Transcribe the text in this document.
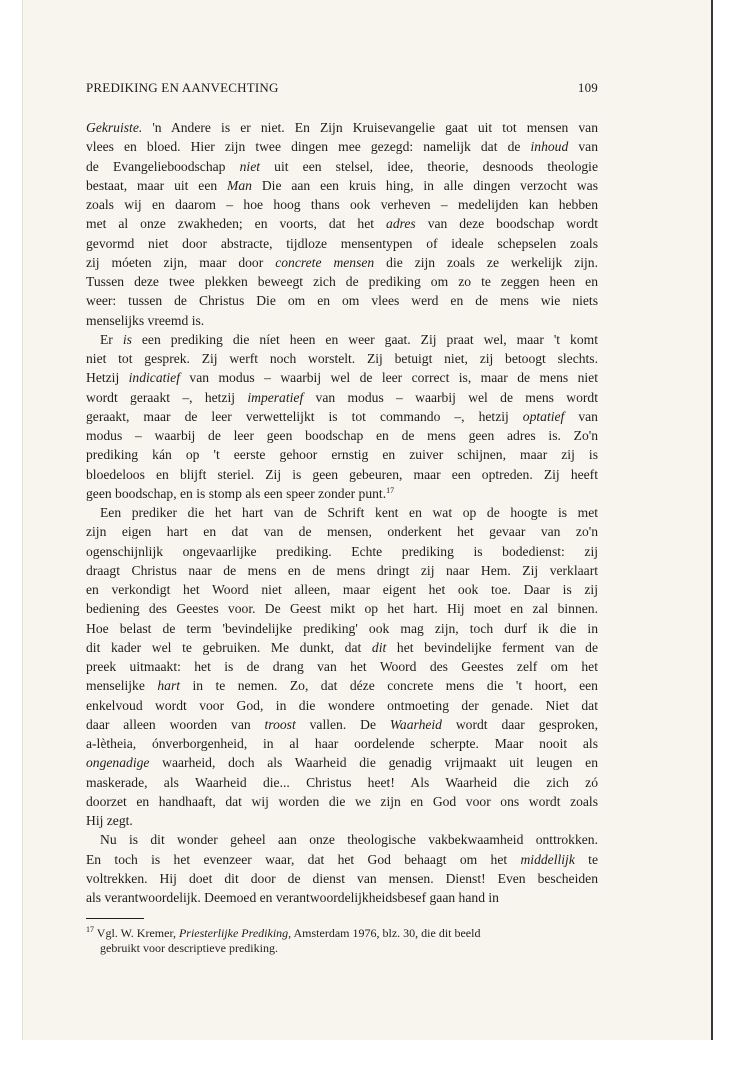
PREDIKING EN AANVECHTING	109
Gekruiste. 'n Andere is er niet. En Zijn Kruisevangelie gaat uit tot mensen van
vlees en bloed. Hier zijn twee dingen mee gezegd: namelijk dat de inhoud van
de Evangelieboodschap niet uit een stelsel, idee, theorie, desnoods theologie
bestaat, maar uit een Man Die aan een kruis hing, in alle dingen verzocht was
zoals wij en daarom – hoe hoog thans ook verheven – medelijden kan hebben
met al onze zwakheden; en voorts, dat het adres van deze boodschap wordt
gevormd niet door abstracte, tijdloze mensentypen of ideale schepselen zoals
zij móeten zijn, maar door concrete mensen die zijn zoals ze werkelijk zijn.
Tussen deze twee plekken beweegt zich de prediking om zo te zeggen heen en
weer: tussen de Christus Die om en om vlees werd en de mens wie niets
menselijks vreemd is.
Er is een prediking die níet heen en weer gaat. Zij praat wel, maar 't komt
niet tot gesprek. Zij werft noch worstelt. Zij betuigt niet, zij betoogt slechts.
Hetzij indicatief van modus – waarbij wel de leer correct is, maar de mens niet
wordt geraakt –, hetzij imperatief van modus – waarbij wel de mens wordt
geraakt, maar de leer verwettelijkt is tot commando –, hetzij optatief van
modus – waarbij de leer geen boodschap en de mens geen adres is. Zo'n
prediking kán op 't eerste gehoor ernstig en zuiver schijnen, maar zij is
bloedeloos en blijft steriel. Zij is geen gebeuren, maar een optreden. Zij heeft
geen boodschap, en is stomp als een speer zonder punt.$^{17}$
Een prediker die het hart van de Schrift kent en wat op de hoogte is met
zijn eigen hart en dat van de mensen, onderkent het gevaar van zo'n
ogenschijnlijk ongevaarlijke prediking. Echte prediking is bodedienst: zij
draagt Christus naar de mens en de mens dringt zij naar Hem. Zij verklaart
en verkondigt het Woord niet alleen, maar eigent het ook toe. Daar is zij
bediening des Geestes voor. De Geest mikt op het hart. Hij moet en zal binnen.
Hoe belast de term 'bevindelijke prediking' ook mag zijn, toch durf ik die in
dit kader wel te gebruiken. Me dunkt, dat dit het bevindelijke ferment van de
preek uitmaakt: het is de drang van het Woord des Geestes zelf om het
menselijke hart in te nemen. Zo, dat déze concrete mens die 't hoort, een
enkelvoud wordt voor God, in die wondere ontmoeting der genade. Niet dat
daar alleen woorden van troost vallen. De Waarheid wordt daar gesproken,
a-lètheia, ónverborgenheid, in al haar oordelende scherpte. Maar nooit als
ongenadige waarheid, doch als Waarheid die genadig vrijmaakt uit leugen en
maskerade, als Waarheid die... Christus heet! Als Waarheid die zich zó
doorzet en handhaaft, dat wij worden die we zijn en God voor ons wordt zoals
Hij zegt.
Nu is dit wonder geheel aan onze theologische vakbekwaamheid onttrokken.
En toch is het evenzeer waar, dat het God behaagt om het middellijk te
voltrekken. Hij doet dit door de dienst van mensen. Dienst! Even bescheiden
als verantwoordelijk. Deemoed en verantwoordelijkheidsbesef gaan hand in
$^{17}$ Vgl. W. Kremer, Priesterlijke Prediking, Amsterdam 1976, blz. 30, die dit beeld
gebruikt voor descriptieve prediking.
